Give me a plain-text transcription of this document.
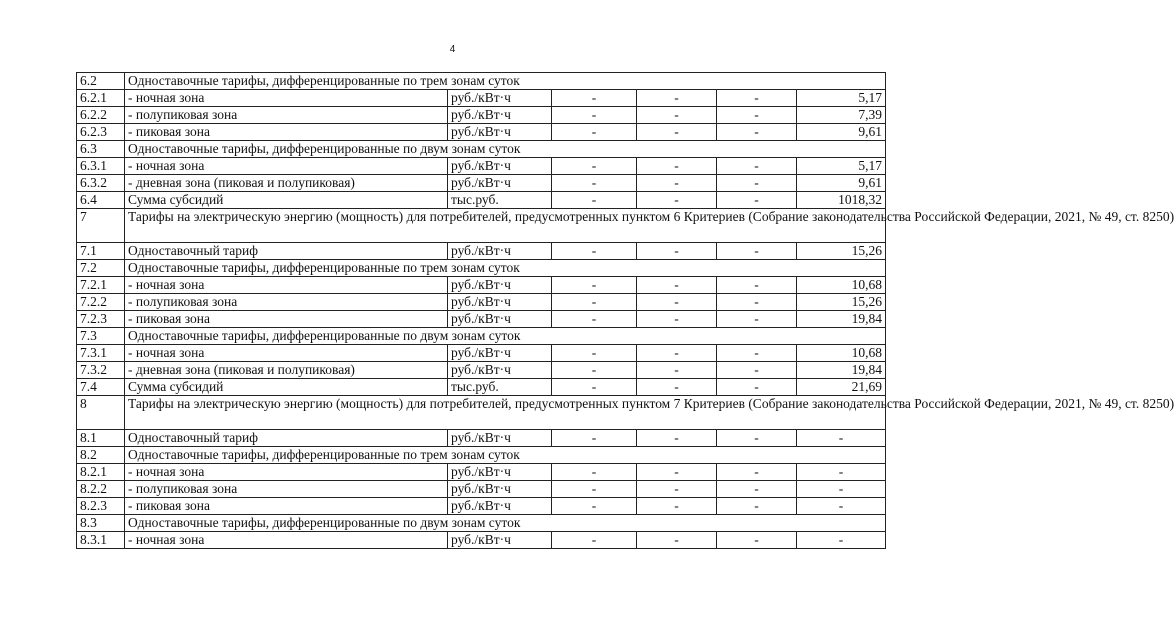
4
6.2	Одноставочные тарифы, дифференцированные по трем зонам суток					
6.2.1	- ночная зона	руб./кВт·ч	-	-	-	5,17
6.2.2	- полупиковая зона	руб./кВт·ч	-	-	-	7,39
6.2.3	- пиковая зона	руб./кВт·ч	-	-	-	9,61
6.3	Одноставочные тарифы, дифференцированные по двум зонам суток					
6.3.1	- ночная зона	руб./кВт·ч	-	-	-	5,17
6.3.2	- дневная зона (пиковая и полупиковая)	руб./кВт·ч	-	-	-	9,61
6.4	Сумма субсидий	тыс.руб.	-	-	-	1018,32
7	Тарифы на электрическую энергию (мощность) для потребителей, предусмотренных пунктом 6 Критериев (Собрание законодательства Российской Федерации, 2021, № 49, ст. 8250)					
7.1	Одноставочный тариф	руб./кВт·ч	-	-	-	15,26
7.2	Одноставочные тарифы, дифференцированные по трем зонам суток					
7.2.1	- ночная зона	руб./кВт·ч	-	-	-	10,68
7.2.2	- полупиковая зона	руб./кВт·ч	-	-	-	15,26
7.2.3	- пиковая зона	руб./кВт·ч	-	-	-	19,84
7.3	Одноставочные тарифы, дифференцированные по двум зонам суток					
7.3.1	- ночная зона	руб./кВт·ч	-	-	-	10,68
7.3.2	- дневная зона (пиковая и полупиковая)	руб./кВт·ч	-	-	-	19,84
7.4	Сумма субсидий	тыс.руб.	-	-	-	21,69
8	Тарифы на электрическую энергию (мощность) для потребителей, предусмотренных пунктом 7 Критериев (Собрание законодательства Российской Федерации, 2021, № 49, ст. 8250)					
8.1	Одноставочный тариф	руб./кВт·ч	-	-	-	-
8.2	Одноставочные тарифы, дифференцированные по трем зонам суток					
8.2.1	- ночная зона	руб./кВт·ч	-	-	-	-
8.2.2	- полупиковая зона	руб./кВт·ч	-	-	-	-
8.2.3	- пиковая зона	руб./кВт·ч	-	-	-	-
8.3	Одноставочные тарифы, дифференцированные по двум зонам суток					
8.3.1	- ночная зона	руб./кВт·ч	-	-	-	-
